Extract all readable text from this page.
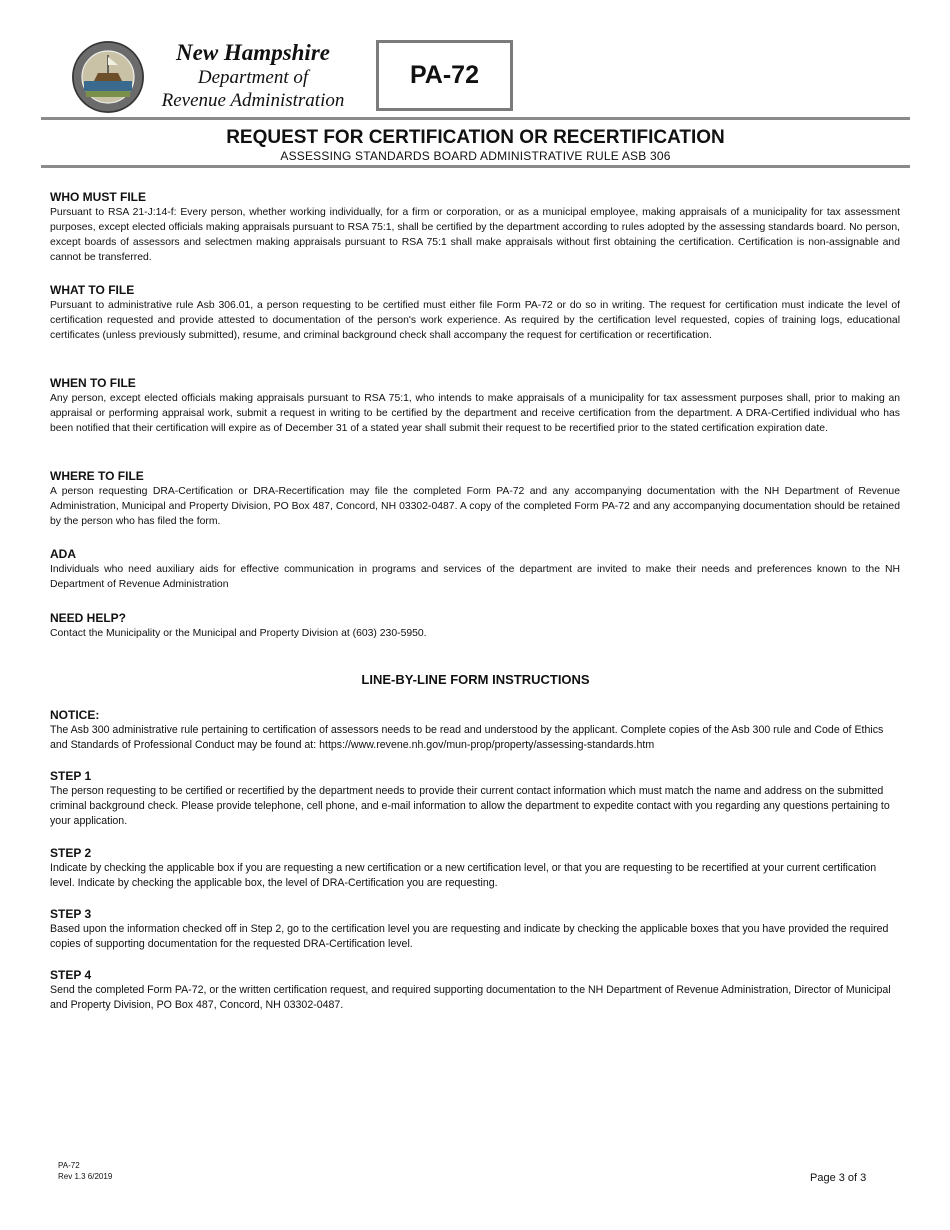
New Hampshire
Department of
Revenue Administration
PA-72
REQUEST FOR CERTIFICATION OR RECERTIFICATION
ASSESSING STANDARDS BOARD ADMINISTRATIVE RULE ASB 306
WHO MUST FILE

Pursuant to RSA 21-J:14-f: Every person, whether working individually, for a firm or corporation, or as a municipal employee, making appraisals of a municipality for tax assessment purposes, except elected officials making appraisals pursuant to RSA 75:1, shall be certified by the department according to rules adopted by the assessing standards board. No person, except boards of assessors and selectmen making appraisals pursuant to RSA 75:1 shall make appraisals without first obtaining the certification. Certification is non-assignable and cannot be transferred.

WHAT TO FILE

Pursuant to administrative rule Asb 306.01, a person requesting to be certified must either file Form PA-72 or do so in writing. The request for certification must indicate the level of certification requested and provide attested to documentation of the person's work experience. As required by the certification level requested, copies of training logs, educational certificates (unless previously submitted), resume, and criminal background check shall accompany the request for certification or recertification.

WHEN TO FILE

Any person, except elected officials making appraisals pursuant to RSA 75:1, who intends to make appraisals of a municipality for tax assessment purposes shall, prior to making an appraisal or performing appraisal work, submit a request in writing to be certified by the department and receive certification from the department. A DRA-Certified individual who has been notified that their certification will expire as of December 31 of a stated year shall submit their request to be recertified prior to the stated certification expiration date.

WHERE TO FILE

A person requesting DRA-Certification or DRA-Recertification may file the completed Form PA-72 and any accompanying documentation with the NH Department of Revenue Administration, Municipal and Property Division, PO Box 487, Concord, NH 03302-0487. A copy of the completed Form PA-72 and any accompanying documentation should be retained by the person who has filed the form.

ADA

Individuals who need auxiliary aids for effective communication in programs and services of the department are invited to make their needs and preferences known to the NH Department of Revenue Administration

NEED HELP?

Contact the Municipality or the Municipal and Property Division at (603) 230-5950.

LINE-BY-LINE FORM INSTRUCTIONS
NOTICE:

The Asb 300 administrative rule pertaining to certification of assessors needs to be read and understood by the applicant. Complete copies of the Asb 300 rule and Code of Ethics and Standards of Professional Conduct may be found at: https://www.revene.nh.gov/mun-prop/property/assessing-standards.htm

STEP 1

The person requesting to be certified or recertified by the department needs to provide their current contact information which must match the name and address on the submitted criminal background check. Please provide telephone, cell phone, and e-mail information to allow the department to expedite contact with you regarding any questions pertaining to your application.

STEP 2

Indicate by checking the applicable box if you are requesting a new certification or a new certification level, or that you are requesting to be recertified at your current certification level. Indicate by checking the applicable box, the level of DRA-Certification you are requesting.

STEP 3

Based upon the information checked off in Step 2, go to the certification level you are requesting and indicate by checking the applicable boxes that you have provided the required copies of supporting documentation for the requested DRA-Certification level.

STEP 4

Send the completed Form PA-72, or the written certification request, and required supporting documentation to the NH Department of Revenue Administration, Director of Municipal and Property Division, PO Box 487, Concord, NH 03302-0487.

PA-72
Rev 1.3 6/2019	Page 3 of 3
